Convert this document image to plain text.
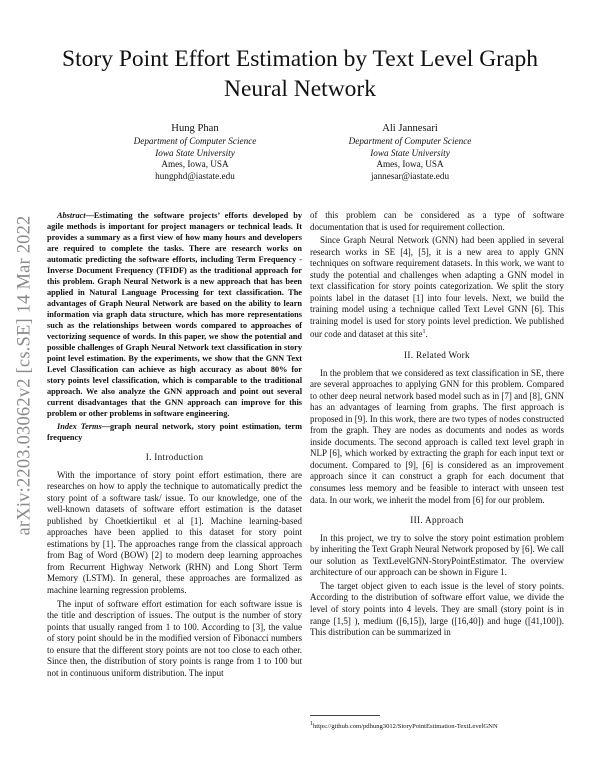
arXiv:2203.03062v2 [cs.SE] 14 Mar 2022
Story Point Effort Estimation by Text Level Graph Neural Network
Hung Phan
Department of Computer Science
Iowa State University
Ames, Iowa, USA
hungphd@iastate.edu
Ali Jannesari
Department of Computer Science
Iowa State University
Ames, Iowa, USA
jannesar@iastate.edu

Abstract—Estimating the software projects’ efforts developed by agile methods is important for project managers or technical leads. It provides a summary as a first view of how many hours and developers are required to complete the tasks. There are research works on automatic predicting the software efforts, including Term Frequency - Inverse Document Frequency (TFIDF) as the traditional approach for this problem. Graph Neural Network is a new approach that has been applied in Natural Language Processing for text classification. The advantages of Graph Neural Network are based on the ability to learn information via graph data structure, which has more representations such as the relationships between words compared to approaches of vectorizing sequence of words. In this paper, we show the potential and possible challenges of Graph Neural Network text classification in story point level estimation. By the experiments, we show that the GNN Text Level Classification can achieve as high accuracy as about 80% for story points level classification, which is comparable to the traditional approach. We also analyze the GNN approach and point out several current disadvantages that the GNN approach can improve for this problem or other problems in software engineering.

Index Terms—graph neural network, story point estimation, term frequency

I. Introduction

With the importance of story point effort estimation, there are researches on how to apply the technique to automatically predict the story point of a software task/ issue. To our knowledge, one of the well-known datasets of software effort estimation is the dataset published by Choetkiertikul et al [1]. Machine learning-based approaches have been applied to this dataset for story point estimations by [1]. The approaches range from the classical approach from Bag of Word (BOW) [2] to modern deep learning approaches from Recurrent Highway Network (RHN) and Long Short Term Memory (LSTM). In general, these approaches are formalized as machine learning regression problems.

The input of software effort estimation for each software issue is the title and description of issues. The output is the number of story points that usually ranged from 1 to 100. According to [3], the value of story point should be in the modified version of Fibonacci numbers to ensure that the different story points are not too close to each other. Since then, the distribution of story points is range from 1 to 100 but not in continuous uniform distribution. The input

of this problem can be considered as a type of software documentation that is used for requirement collection.

Since Graph Neural Network (GNN) had been applied in several research works in SE [4], [5], it is a new area to apply GNN techniques on software requirement datasets. In this work, we want to study the potential and challenges when adapting a GNN model in text classification for story points categorization. We split the story points label in the dataset [1] into four levels. Next, we build the training model using a technique called Text Level GNN [6]. This training model is used for story points level prediction. We published our code and dataset at this site$^1$.

II. Related Work

In the problem that we considered as text classification in SE, there are several approaches to applying GNN for this problem. Compared to other deep neural network based model such as in [7] and [8], GNN has an advantages of learning from graphs. The first approach is proposed in [9]. In this work, there are two types of nodes constructed from the graph. They are nodes as documents and nodes as words inside documents. The second approach is called text level graph in NLP [6], which worked by extracting the graph for each input text or document. Compared to [9], [6] is considered as an improvement approach since it can construct a graph for each document that consumes less memory and be feasible to interact with unseen test data. In our work, we inherit the model from [6] for our problem.

III. Approach

In this project, we try to solve the story point estimation problem by inheriting the Text Graph Neural Network proposed by [6]. We call our solution as TextLevelGNN-StoryPointEstimator. The overview architecture of our approach can be shown in Figure 1.

The target object given to each issue is the level of story points. According to the distribution of software effort value, we divide the level of story points into 4 levels. They are small (story point is in range [1,5] ), medium ([6,15]), large ([16,40]) and huge ([41,100]). This distribution can be summarized in

$^1$https://github.com/pdhung3012/StoryPointEstimation-TextLevelGNN
